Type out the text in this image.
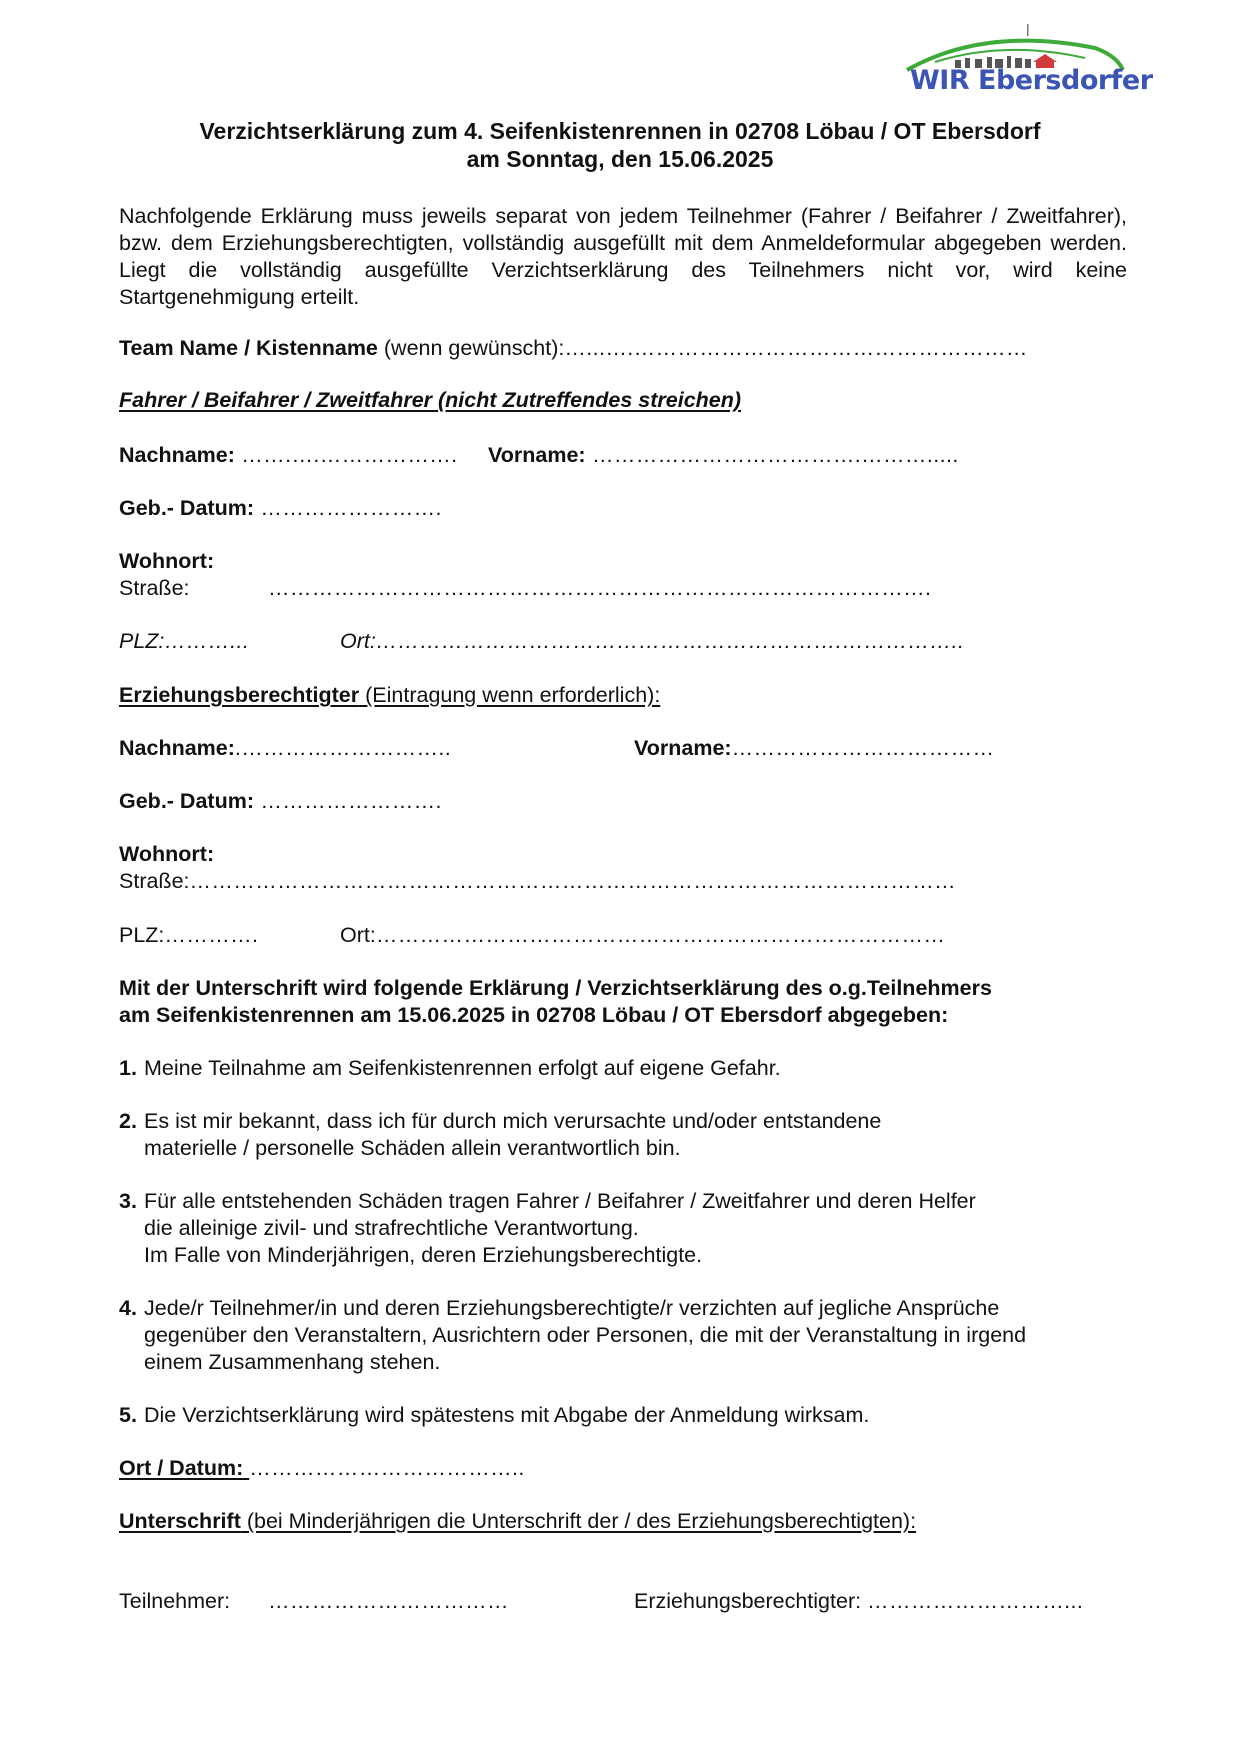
WIR Ebersdorfer
Verzichtserklärung zum 4. Seifenkistenrennen in 02708 Löbau / OT Ebersdorf
am Sonntag, den 15.06.2025
Nachfolgende Erklärung muss jeweils separat von jedem Teilnehmer (Fahrer / Beifahrer / Zweitfahrer), bzw. dem Erziehungsberechtigten, vollständig ausgefüllt mit dem Anmeldeformular abgegeben werden. Liegt die vollständig ausgefüllte Verzichtserklärung des Teilnehmers nicht vor, wird keine Startgenehmigung erteilt.
Team Name / Kistenname (wenn gewünscht):…...….………………………………………………
Fahrer / Beifahrer / Zweitfahrer (nicht Zutreffendes streichen)
Nachname: …….….………………. Vorname: ……………………………….……….....
Geb.- Datum: …………………….
Wohnort:
Straße:	……………………………………………………………………………….
PLZ:………...	Ort:……………………………………………………….……………..
Erziehungsberechtigter (Eintragung wenn erforderlich):
Nachname:.………………………..	Vorname:………………………………
Geb.- Datum: …………………….
Wohnort:
Straße:……………………………………………………………………………………………
PLZ:………….	Ort:……………………………………………………………………
Mit der Unterschrift wird folgende Erklärung / Verzichtserklärung des o.g.Teilnehmers
am Seifenkistenrennen am 15.06.2025 in 02708 Löbau / OT Ebersdorf abgegeben:
1. Meine Teilnahme am Seifenkistenrennen erfolgt auf eigene Gefahr.
2. Es ist mir bekannt, dass ich für durch mich verursachte und/oder entstandene
materielle / personelle Schäden allein verantwortlich bin.
3. Für alle entstehenden Schäden tragen Fahrer / Beifahrer / Zweitfahrer und deren Helfer
die alleinige zivil- und strafrechtliche Verantwortung.
Im Falle von Minderjährigen, deren Erziehungsberechtigte.
4. Jede/r Teilnehmer/in und deren Erziehungsberechtigte/r verzichten auf jegliche Ansprüche
gegenüber den Veranstaltern, Ausrichtern oder Personen, die mit der Veranstaltung in irgend
einem Zusammenhang stehen.
5. Die Verzichtserklärung wird spätestens mit Abgabe der Anmeldung wirksam.
Ort / Datum: ………………………………..
Unterschrift (bei Minderjährigen die Unterschrift der / des Erziehungsberechtigten):
Teilnehmer: ……………………………	Erziehungsberechtigter: ………………………...
